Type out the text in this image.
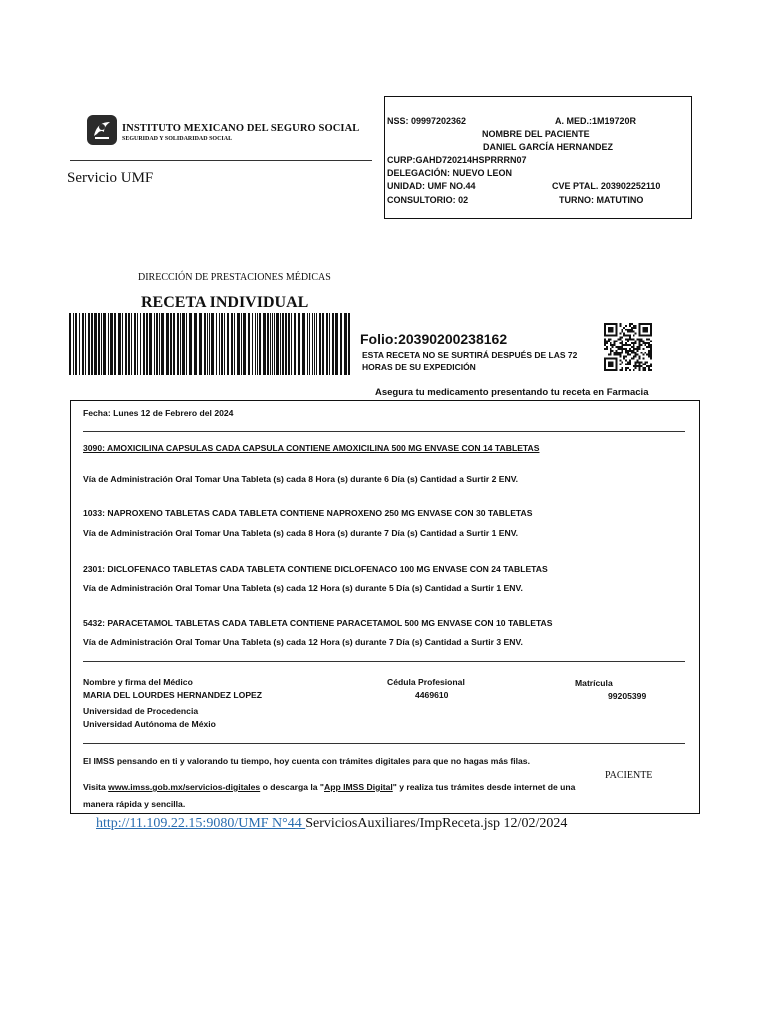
INSTITUTO MEXICANO DEL SEGURO SOCIAL
SEGURIDAD Y SOLIDARIDAD SOCIAL
Servicio UMF
NSS: 09997202362	A. MED.:1M19720R
NOMBRE DEL PACIENTE
DANIEL GARCÍA HERNANDEZ
CURP:GAHD720214HSPRRRN07
DELEGACIÓN: NUEVO LEON
UNIDAD: UMF NO.44	CVE PTAL. 203902252110
CONSULTORIO: 02	TURNO: MATUTINO
DIRECCIÓN DE PRESTACIONES MÉDICAS
RECETA INDIVIDUAL
Folio:20390200238162
ESTA RECETA NO SE SURTIRÁ DESPUÉS DE LAS 72
HORAS DE SU EXPEDICIÓN
Asegura tu medicamento presentando tu receta en Farmacia
Fecha: Lunes 12 de Febrero del 2024
3090: AMOXICILINA CAPSULAS CADA CAPSULA CONTIENE AMOXICILINA 500 MG ENVASE CON 14 TABLETAS
Vía de Administración Oral Tomar Una Tableta (s) cada 8 Hora (s) durante 6 Día (s) Cantidad a Surtir 2 ENV.
1033: NAPROXENO TABLETAS CADA TABLETA CONTIENE NAPROXENO 250 MG ENVASE CON 30 TABLETAS
Vía de Administración Oral Tomar Una Tableta (s) cada 8 Hora (s) durante 7 Día (s) Cantidad a Surtir 1 ENV.
2301: DICLOFENACO TABLETAS CADA TABLETA CONTIENE DICLOFENACO 100 MG ENVASE CON 24 TABLETAS
Vía de Administración Oral Tomar Una Tableta (s) cada 12 Hora (s) durante 5 Día (s) Cantidad a Surtir 1 ENV.
5432: PARACETAMOL TABLETAS CADA TABLETA CONTIENE PARACETAMOL 500 MG ENVASE CON 10 TABLETAS
Vía de Administración Oral Tomar Una Tableta (s) cada 12 Hora (s) durante 7 Día (s) Cantidad a Surtir 3 ENV.
Nombre y firma del Médico
MARIA DEL LOURDES HERNANDEZ LOPEZ
Universidad de Procedencia
Universidad Autónoma de Méxio
Cédula Profesional
4469610
Matrícula
99205399
El IMSS pensando en ti y valorando tu tiempo, hoy cuenta con trámites digitales para que no hagas más filas.
PACIENTE
Visita www.imss.gob.mx/servicios-digitales o descarga la "App IMSS Digital" y realiza tus trámites desde internet de una
manera rápida y sencilla.
http://11.109.22.15:9080/UMF N°44 ServiciosAuxiliares/ImpReceta.jsp 12/02/2024
